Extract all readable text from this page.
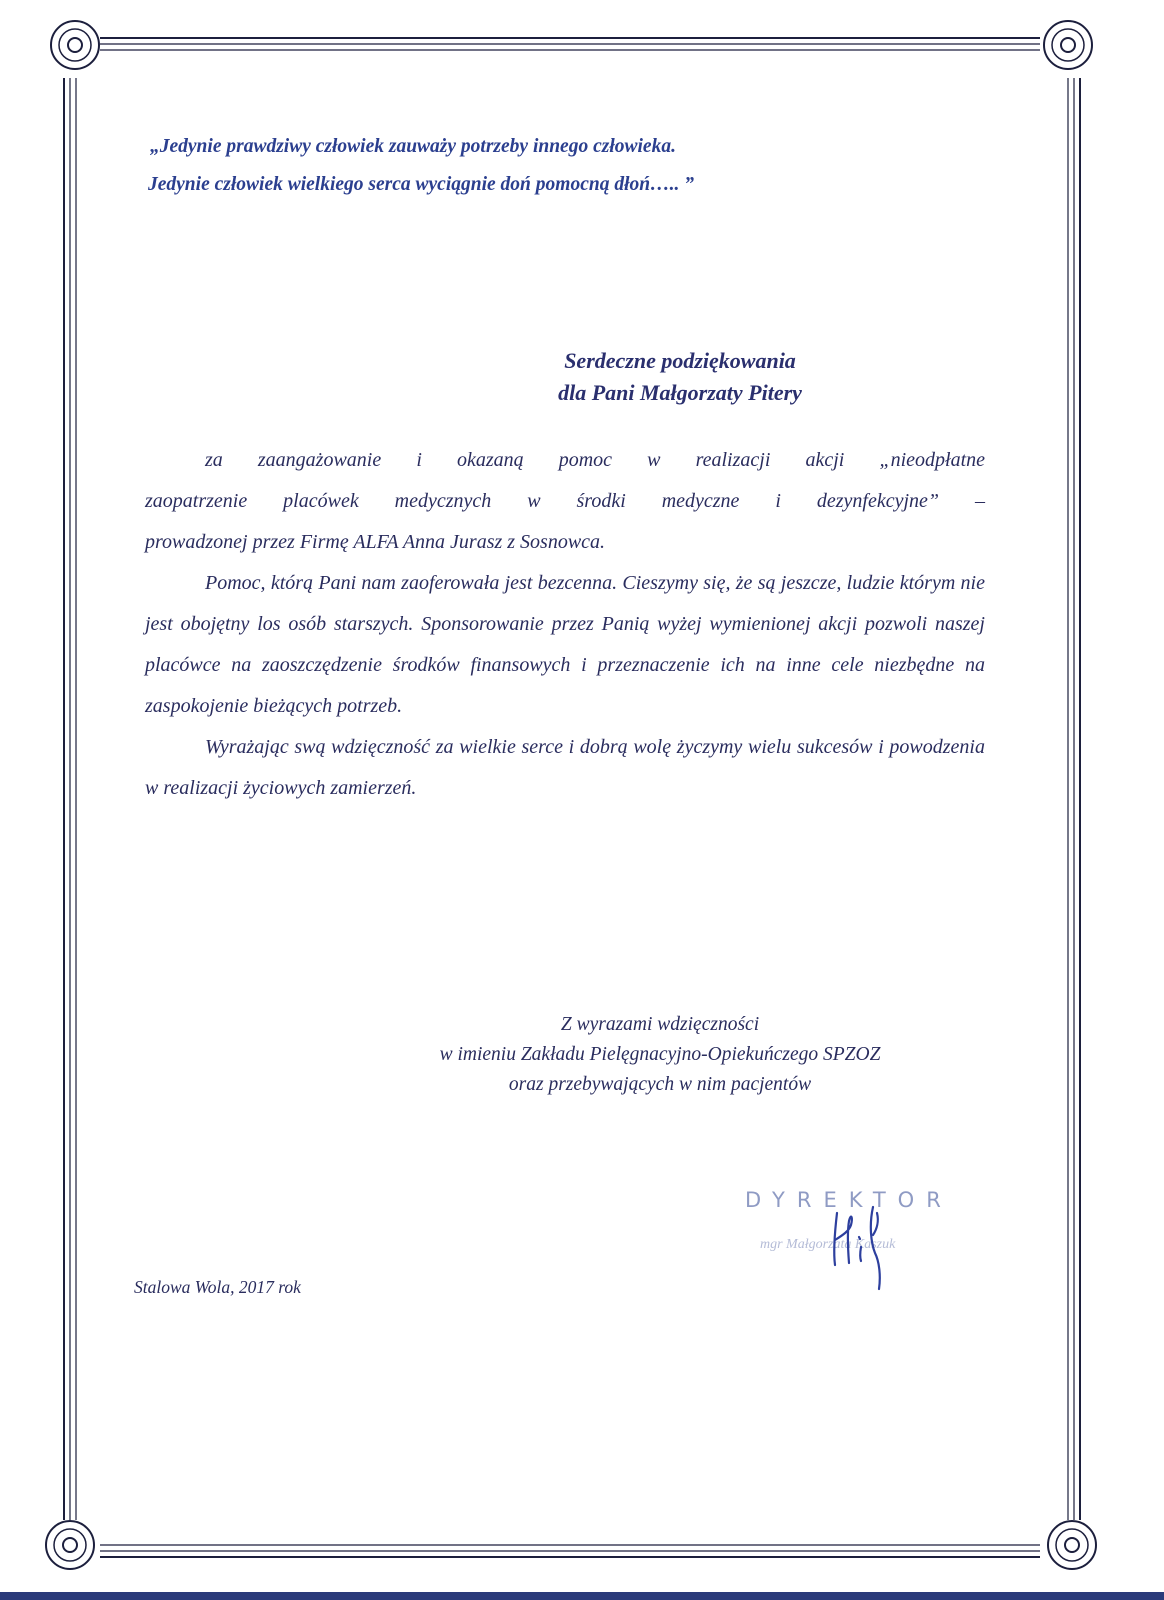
„Jedynie prawdziwy człowiek zauważy potrzeby innego człowieka.
Jedynie człowiek wielkiego serca wyciągnie doń pomocną dłoń….. ”
Serdeczne podziękowania
dla Pani Małgorzaty Pitery

za zaangażowanie i okazaną pomoc w realizacji akcji „nieodpłatne

zaopatrzenie placówek medycznych w środki medyczne i dezynfekcyjne” –

prowadzonej przez Firmę ALFA Anna Jurasz z Sosnowca.

Pomoc, którą Pani nam zaoferowała jest bezcenna. Cieszymy się, że są jeszcze, ludzie którym nie jest obojętny los osób starszych. Sponsorowanie przez Panią wyżej wymienionej akcji pozwoli naszej placówce na zaoszczędzenie środków finansowych i przeznaczenie ich na inne cele niezbędne na zaspokojenie bieżących potrzeb.

Wyrażając swą wdzięczność za wielkie serce i dobrą wolę życzymy wielu sukcesów i powodzenia w realizacji życiowych zamierzeń.

Z wyrazami wdzięczności
w imieniu Zakładu Pielęgnacyjno-Opiekuńczego SPZOZ
oraz przebywających w nim pacjentów
DYREKTOR
mgr Małgorzata Kaszuk
Stalowa Wola, 2017 rok
